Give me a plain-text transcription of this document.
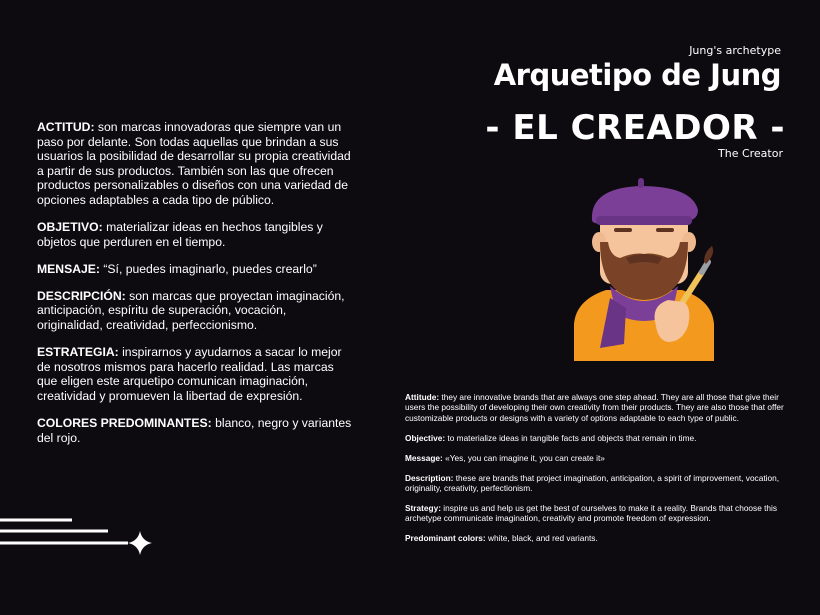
Jung's archetype
Arquetipo de Jung
- EL CREADOR -
The Creator

ACTITUD: son marcas innovadoras que siempre van un paso por delante. Son todas aquellas que brindan a sus usuarios la posibilidad de desarrollar su propia creatividad a partir de sus productos. También son las que ofrecen productos personalizables o diseños con una variedad de opciones adaptables a cada tipo de público.

OBJETIVO: materializar ideas en hechos tangibles y objetos que perduren en el tiempo.

MENSAJE: “Sí, puedes imaginarlo, puedes crearlo”

DESCRIPCIÓN: son marcas que proyectan imaginación, anticipación, espíritu de superación, vocación, originalidad, creatividad, perfeccionismo.

ESTRATEGIA: inspirarnos y ayudarnos a sacar lo mejor de nosotros mismos para hacerlo realidad. Las marcas que eligen este arquetipo comunican imaginación, creatividad y promueven la libertad de expresión.

COLORES PREDOMINANTES: blanco, negro y variantes del rojo.

Attitude: they are innovative brands that are always one step ahead. They are all those that give their users the possibility of developing their own creativity from their products. They are also those that offer customizable products or designs with a variety of options adaptable to each type of public.

Objective: to materialize ideas in tangible facts and objects that remain in time.

Message: «Yes, you can imagine it, you can create it»

Description: these are brands that project imagination, anticipation, a spirit of improvement, vocation, originality, creativity, perfectionism.

Strategy: inspire us and help us get the best of ourselves to make it a reality. Brands that choose this archetype communicate imagination, creativity and promote freedom of expression.

Predominant colors: white, black, and red variants.
